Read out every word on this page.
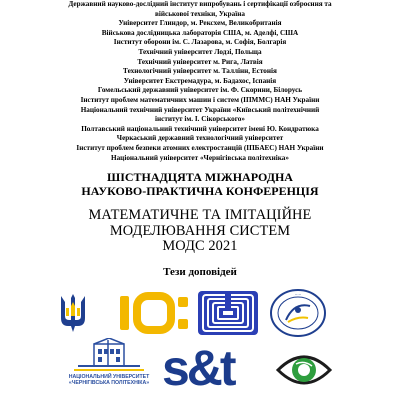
Державний науково-дослідний інститут випробувань і сертифікації озброєння та
військової техніки, Україна
Університет Глиндор, м. Рексхем, Великобританія
Військова дослідницька лабораторія США, м. Аделфі, США
Інститут оборони ім. С. Лазарова, м. Софія, Болгарія
Технічний університет Лодзі, Польща
Технічний університет м. Рига, Латвія
Технологічний університет м. Таллінн, Естонія
Університет Екстремадура, м. Бадахос, Іспанія
Гомельський державний університет ім. Ф. Скорини, Білорусь
Інститут проблем математичних машин і систем (ІПММС) НАН України
Національний технічний університет України «Київський політехнічний
інститут ім. І. Сікорського»
Полтавський національний технічний університет імені Ю. Кондратюка
Черкаський державний технологічний університет
Інститут проблем безпеки атомних електростанцій (ІПБАЕС) НАН України
Національний університет «Чернігівська політехніка»
ШІСТНАДЦЯТА МІЖНАРОДНА
НАУКОВО-ПРАКТИЧНА КОНФЕРЕНЦІЯ
МАТЕМАТИЧНЕ ТА ІМІТАЦІЙНЕ
МОДЕЛЮВАННЯ СИСТЕМ
МОДС 2021
Тези доповідей
·····
НАЦІОНАЛЬНИЙ УНІВЕРСИТЕТ
«ЧЕРНІГІВСЬКА ПОЛІТЕХНІКА» s&t
